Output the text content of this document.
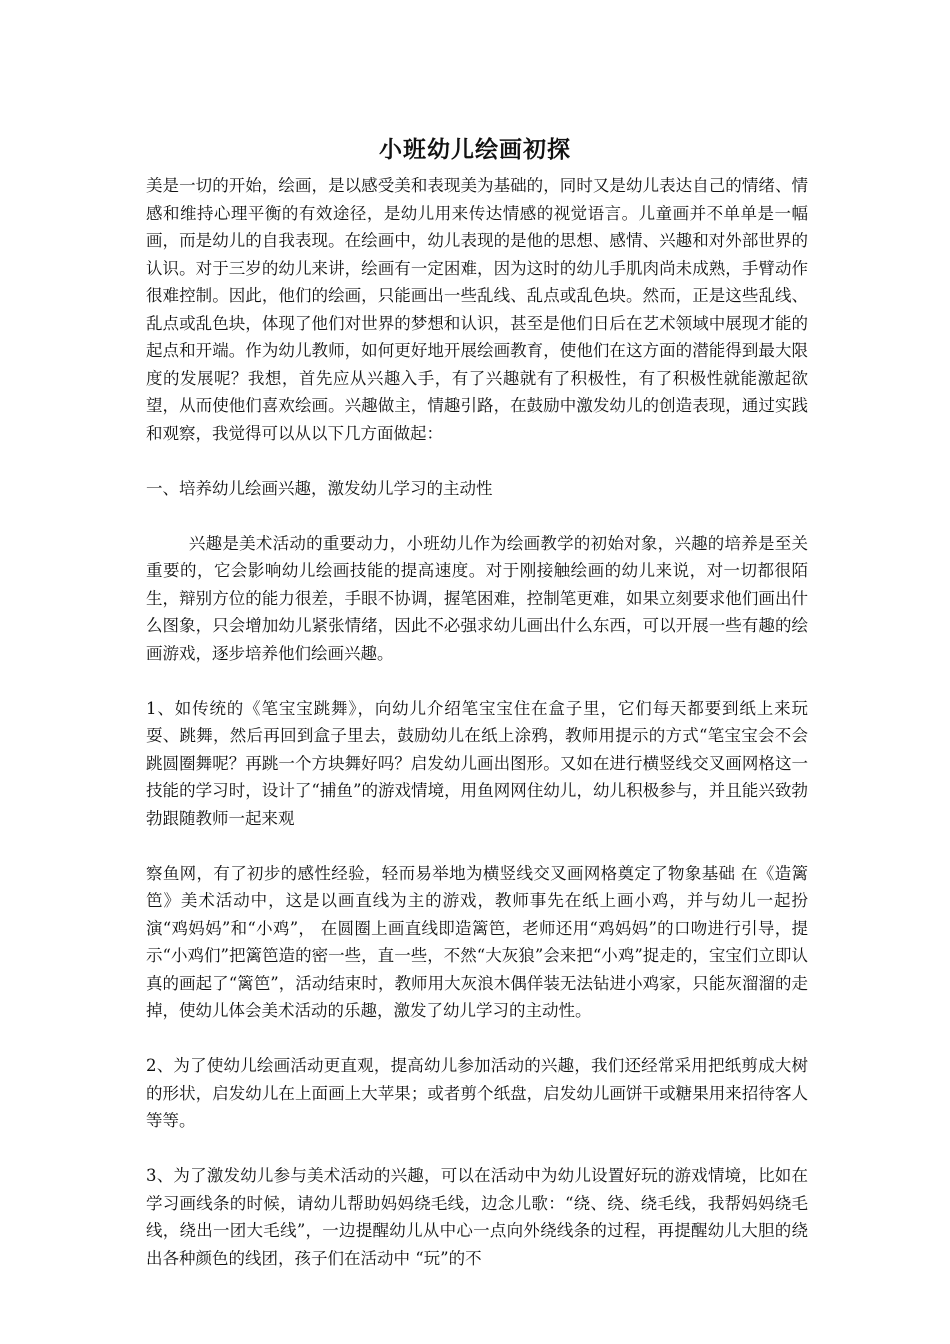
小班幼儿绘画初探

美是一切的开始，绘画，是以感受美和表现美为基础的，同时又是幼儿表达自己的情绪、情感和维持心理平衡的有效途径，是幼儿用来传达情感的视觉语言。儿童画并不单单是一幅画，而是幼儿的自我表现。在绘画中，幼儿表现的是他的思想、感情、兴趣和对外部世界的认识。对于三岁的幼儿来讲，绘画有一定困难，因为这时的幼儿手肌肉尚未成熟，手臂动作很难控制。因此，他们的绘画，只能画出一些乱线、乱点或乱色块。然而，正是这些乱线、乱点或乱色块，体现了他们对世界的梦想和认识，甚至是他们日后在艺术领域中展现才能的起点和开端。作为幼儿教师，如何更好地开展绘画教育，使他们在这方面的潜能得到最大限度的发展呢？我想，首先应从兴趣入手，有了兴趣就有了积极性，有了积极性就能激起欲望，从而使他们喜欢绘画。兴趣做主，情趣引路，在鼓励中激发幼儿的创造表现，通过实践和观察，我觉得可以从以下几方面做起：

一、培养幼儿绘画兴趣，激发幼儿学习的主动性

兴趣是美术活动的重要动力，小班幼儿作为绘画教学的初始对象，兴趣的培养是至关重要的，它会影响幼儿绘画技能的提高速度。对于刚接触绘画的幼儿来说，对一切都很陌生，辩别方位的能力很差，手眼不协调，握笔困难，控制笔更难，如果立刻要求他们画出什么图象，只会增加幼儿紧张情绪，因此不必强求幼儿画出什么东西，可以开展一些有趣的绘画游戏，逐步培养他们绘画兴趣。

1、如传统的《笔宝宝跳舞》，向幼儿介绍笔宝宝住在盒子里，它们每天都要到纸上来玩耍、跳舞，然后再回到盒子里去，鼓励幼儿在纸上涂鸦，教师用提示的方式“笔宝宝会不会跳圆圈舞呢？再跳一个方块舞好吗？启发幼儿画出图形。又如在进行横竖线交叉画网格这一技能的学习时，设计了“捕鱼”的游戏情境，用鱼网网住幼儿，幼儿积极参与，并且能兴致勃勃跟随教师一起来观

察鱼网，有了初步的感性经验，轻而易举地为横竖线交叉画网格奠定了物象基础 在《造篱笆》美术活动中，这是以画直线为主的游戏，教师事先在纸上画小鸡，并与幼儿一起扮演“鸡妈妈”和“小鸡”， 在圆圈上画直线即造篱笆，老师还用“鸡妈妈”的口吻进行引导，提示“小鸡们”把篱笆造的密一些，直一些，不然“大灰狼”会来把“小鸡”捉走的，宝宝们立即认真的画起了“篱笆”，活动结束时，教师用大灰浪木偶佯装无法钻进小鸡家，只能灰溜溜的走掉，使幼儿体会美术活动的乐趣，激发了幼儿学习的主动性。

2、为了使幼儿绘画活动更直观，提高幼儿参加活动的兴趣，我们还经常采用把纸剪成大树的形状，启发幼儿在上面画上大苹果；或者剪个纸盘，启发幼儿画饼干或糖果用来招待客人等等。

3、为了激发幼儿参与美术活动的兴趣，可以在活动中为幼儿设置好玩的游戏情境，比如在学习画线条的时候，请幼儿帮助妈妈绕毛线，边念儿歌：“绕、绕、绕毛线，我帮妈妈绕毛线，绕出一团大毛线”，一边提醒幼儿从中心一点向外绕线条的过程，再提醒幼儿大胆的绕出各种颜色的线团，孩子们在活动中 “玩”的不
